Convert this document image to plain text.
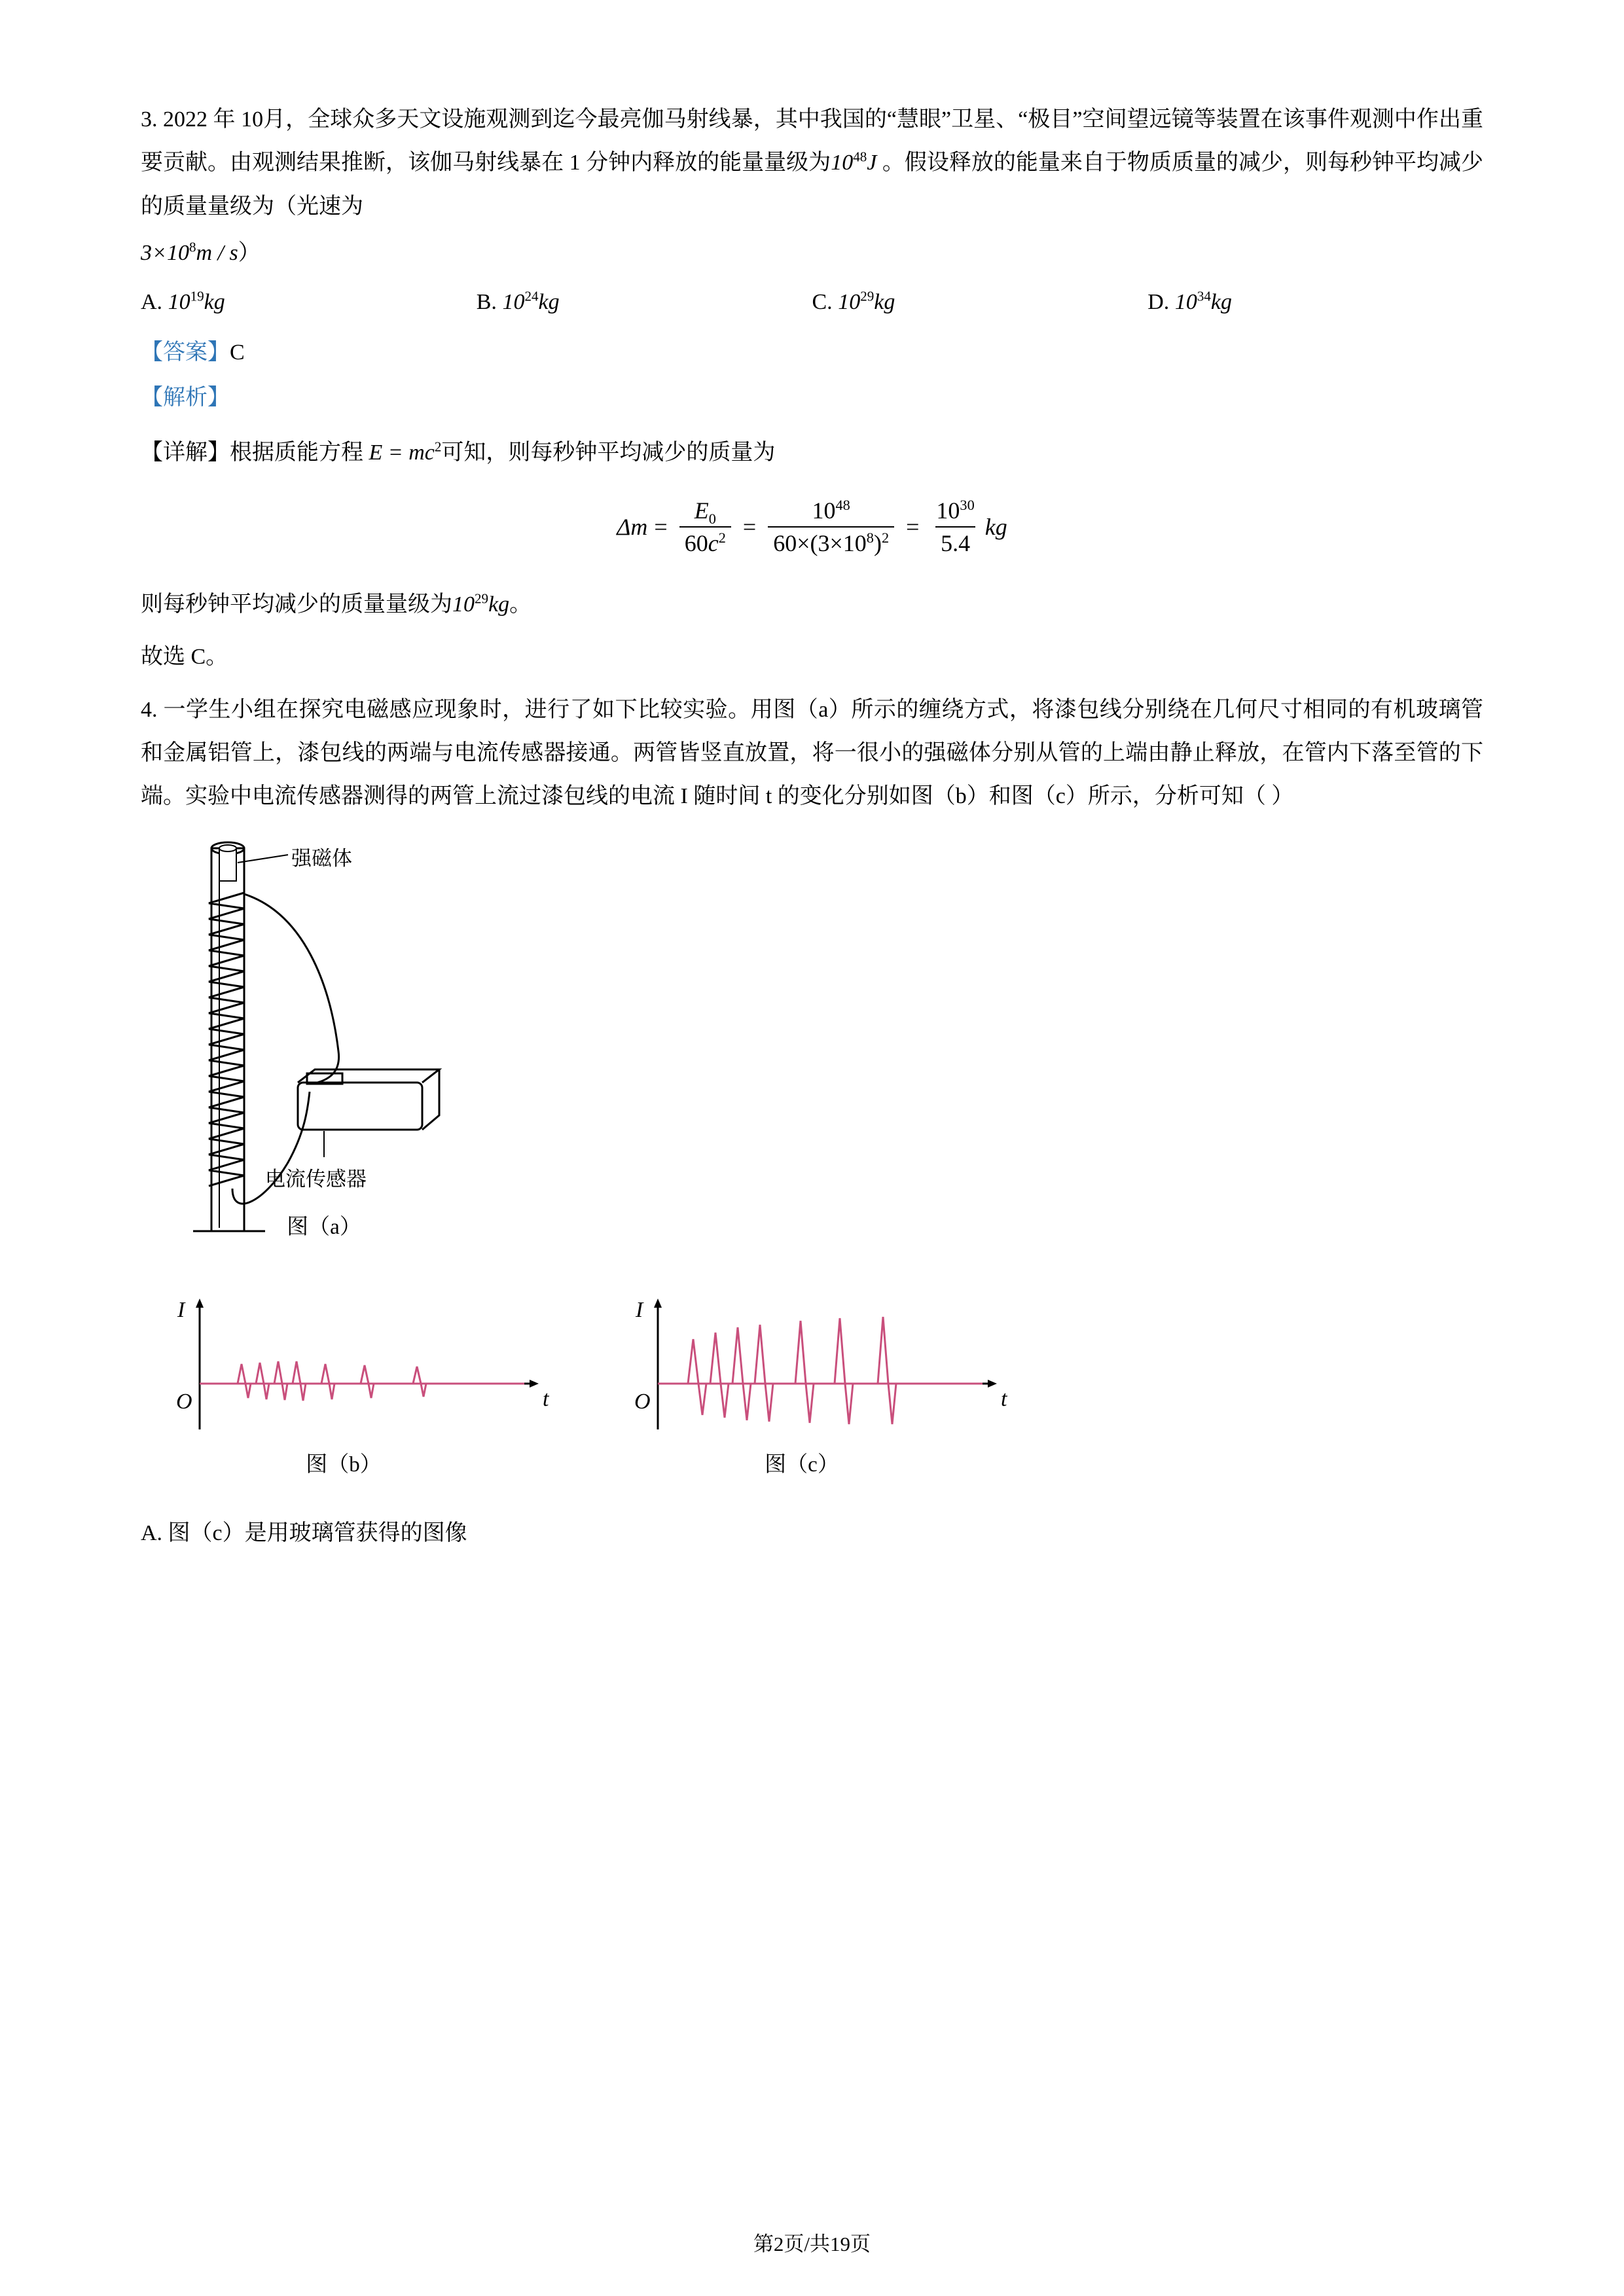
3. 2022 年 10月，全球众多天文设施观测到迄今最亮伽马射线暴，其中我国的“慧眼”卫星、“极目”空间望远镜等装置在该事件观测中作出重要贡献。由观测结果推断，该伽马射线暴在 1 分钟内释放的能量量级为$10^{48}J$ 。假设释放的能量来自于物质质量的减少，则每秒钟平均减少的质量量级为（光速为
$3\times 10^8m / s$）
A. $10^{19}kg$	B. $10^{24}kg$	C. $10^{29}kg$	D. $10^{34}kg$
【答案】C
【解析】
【详解】根据质能方程 $E = mc^2$可知，则每秒钟平均减少的质量为
Δ $m = \frac{E_0}{60c^2} = \frac{10^{48}}{60\times(3\times 10^8)^2} = \frac{10^{30}}{5.4}$ kg
则每秒钟平均减少的质量量级为$10^{29}kg$。
故选 C。
4. 一学生小组在探究电磁感应现象时，进行了如下比较实验。用图（a）所示的缠绕方式，将漆包线分别绕在几何尺寸相同的有机玻璃管和金属铝管上，漆包线的两端与电流传感器接通。两管皆竖直放置，将一很小的强磁体分别从管的上端由静止释放，在管内下落至管的下端。实验中电流传感器测得的两管上流过漆包线的电流 I 随时间 t 的变化分别如图（b）和图（c）所示，分析可知（ ）
强磁体
电流传感器
图（a）
I
O	t
图（b）
I
O	t
图（c）
A. 图（c）是用玻璃管获得的图像
第2页/共19页
